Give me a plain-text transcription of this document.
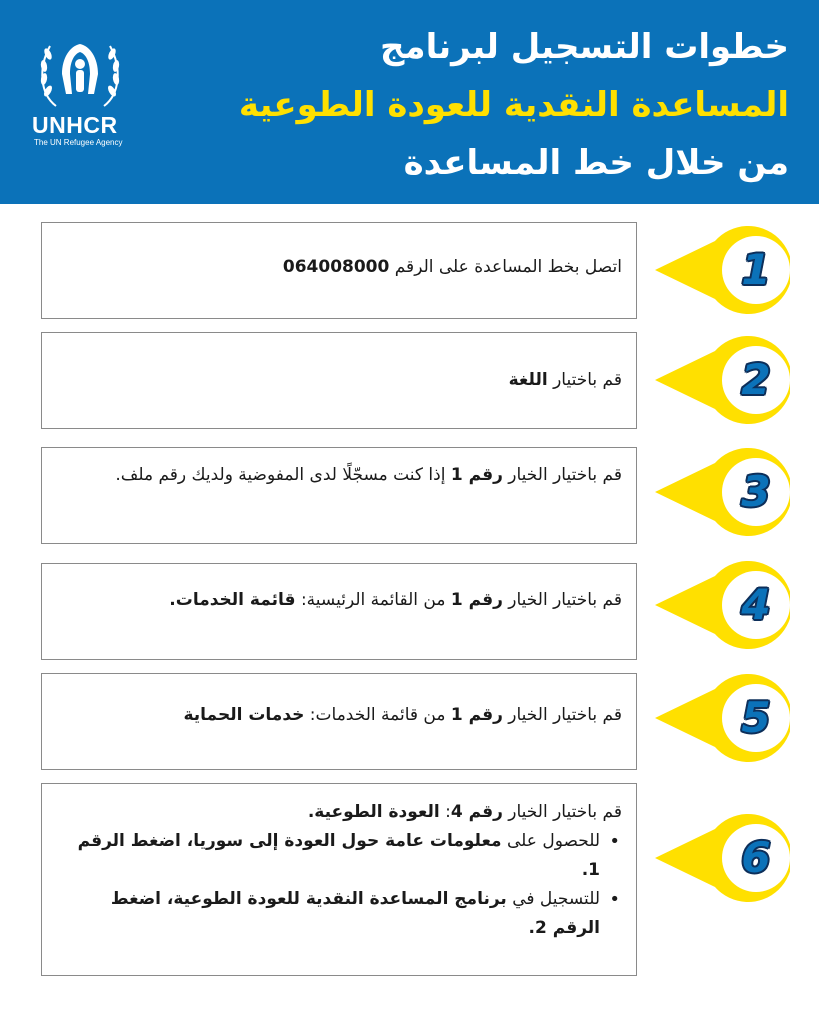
UNHCR
The UN Refugee Agency
خطوات التسجيل لبرنامج
المساعدة النقدية للعودة الطوعية
من خلال خط المساعدة
اتصل بخط المساعدة على الرقم 064008000	1
قم باختيار اللغة	2
قم باختيار الخيار رقم 1 إذا كنت مسجّلًا لدى المفوضية ولديك رقم ملف.	3
قم باختيار الخيار رقم 1 من القائمة الرئيسية: قائمة الخدمات.	4
قم باختيار الخيار رقم 1 من قائمة الخدمات: خدمات الحماية	5
قم باختيار الخيار رقم 4: العودة الطوعية.
• للحصول على معلومات عامة حول العودة إلى سوريا، اضغط الرقم 1.
• للتسجيل في برنامج المساعدة النقدية للعودة الطوعية، اضغط الرقم 2.
6
